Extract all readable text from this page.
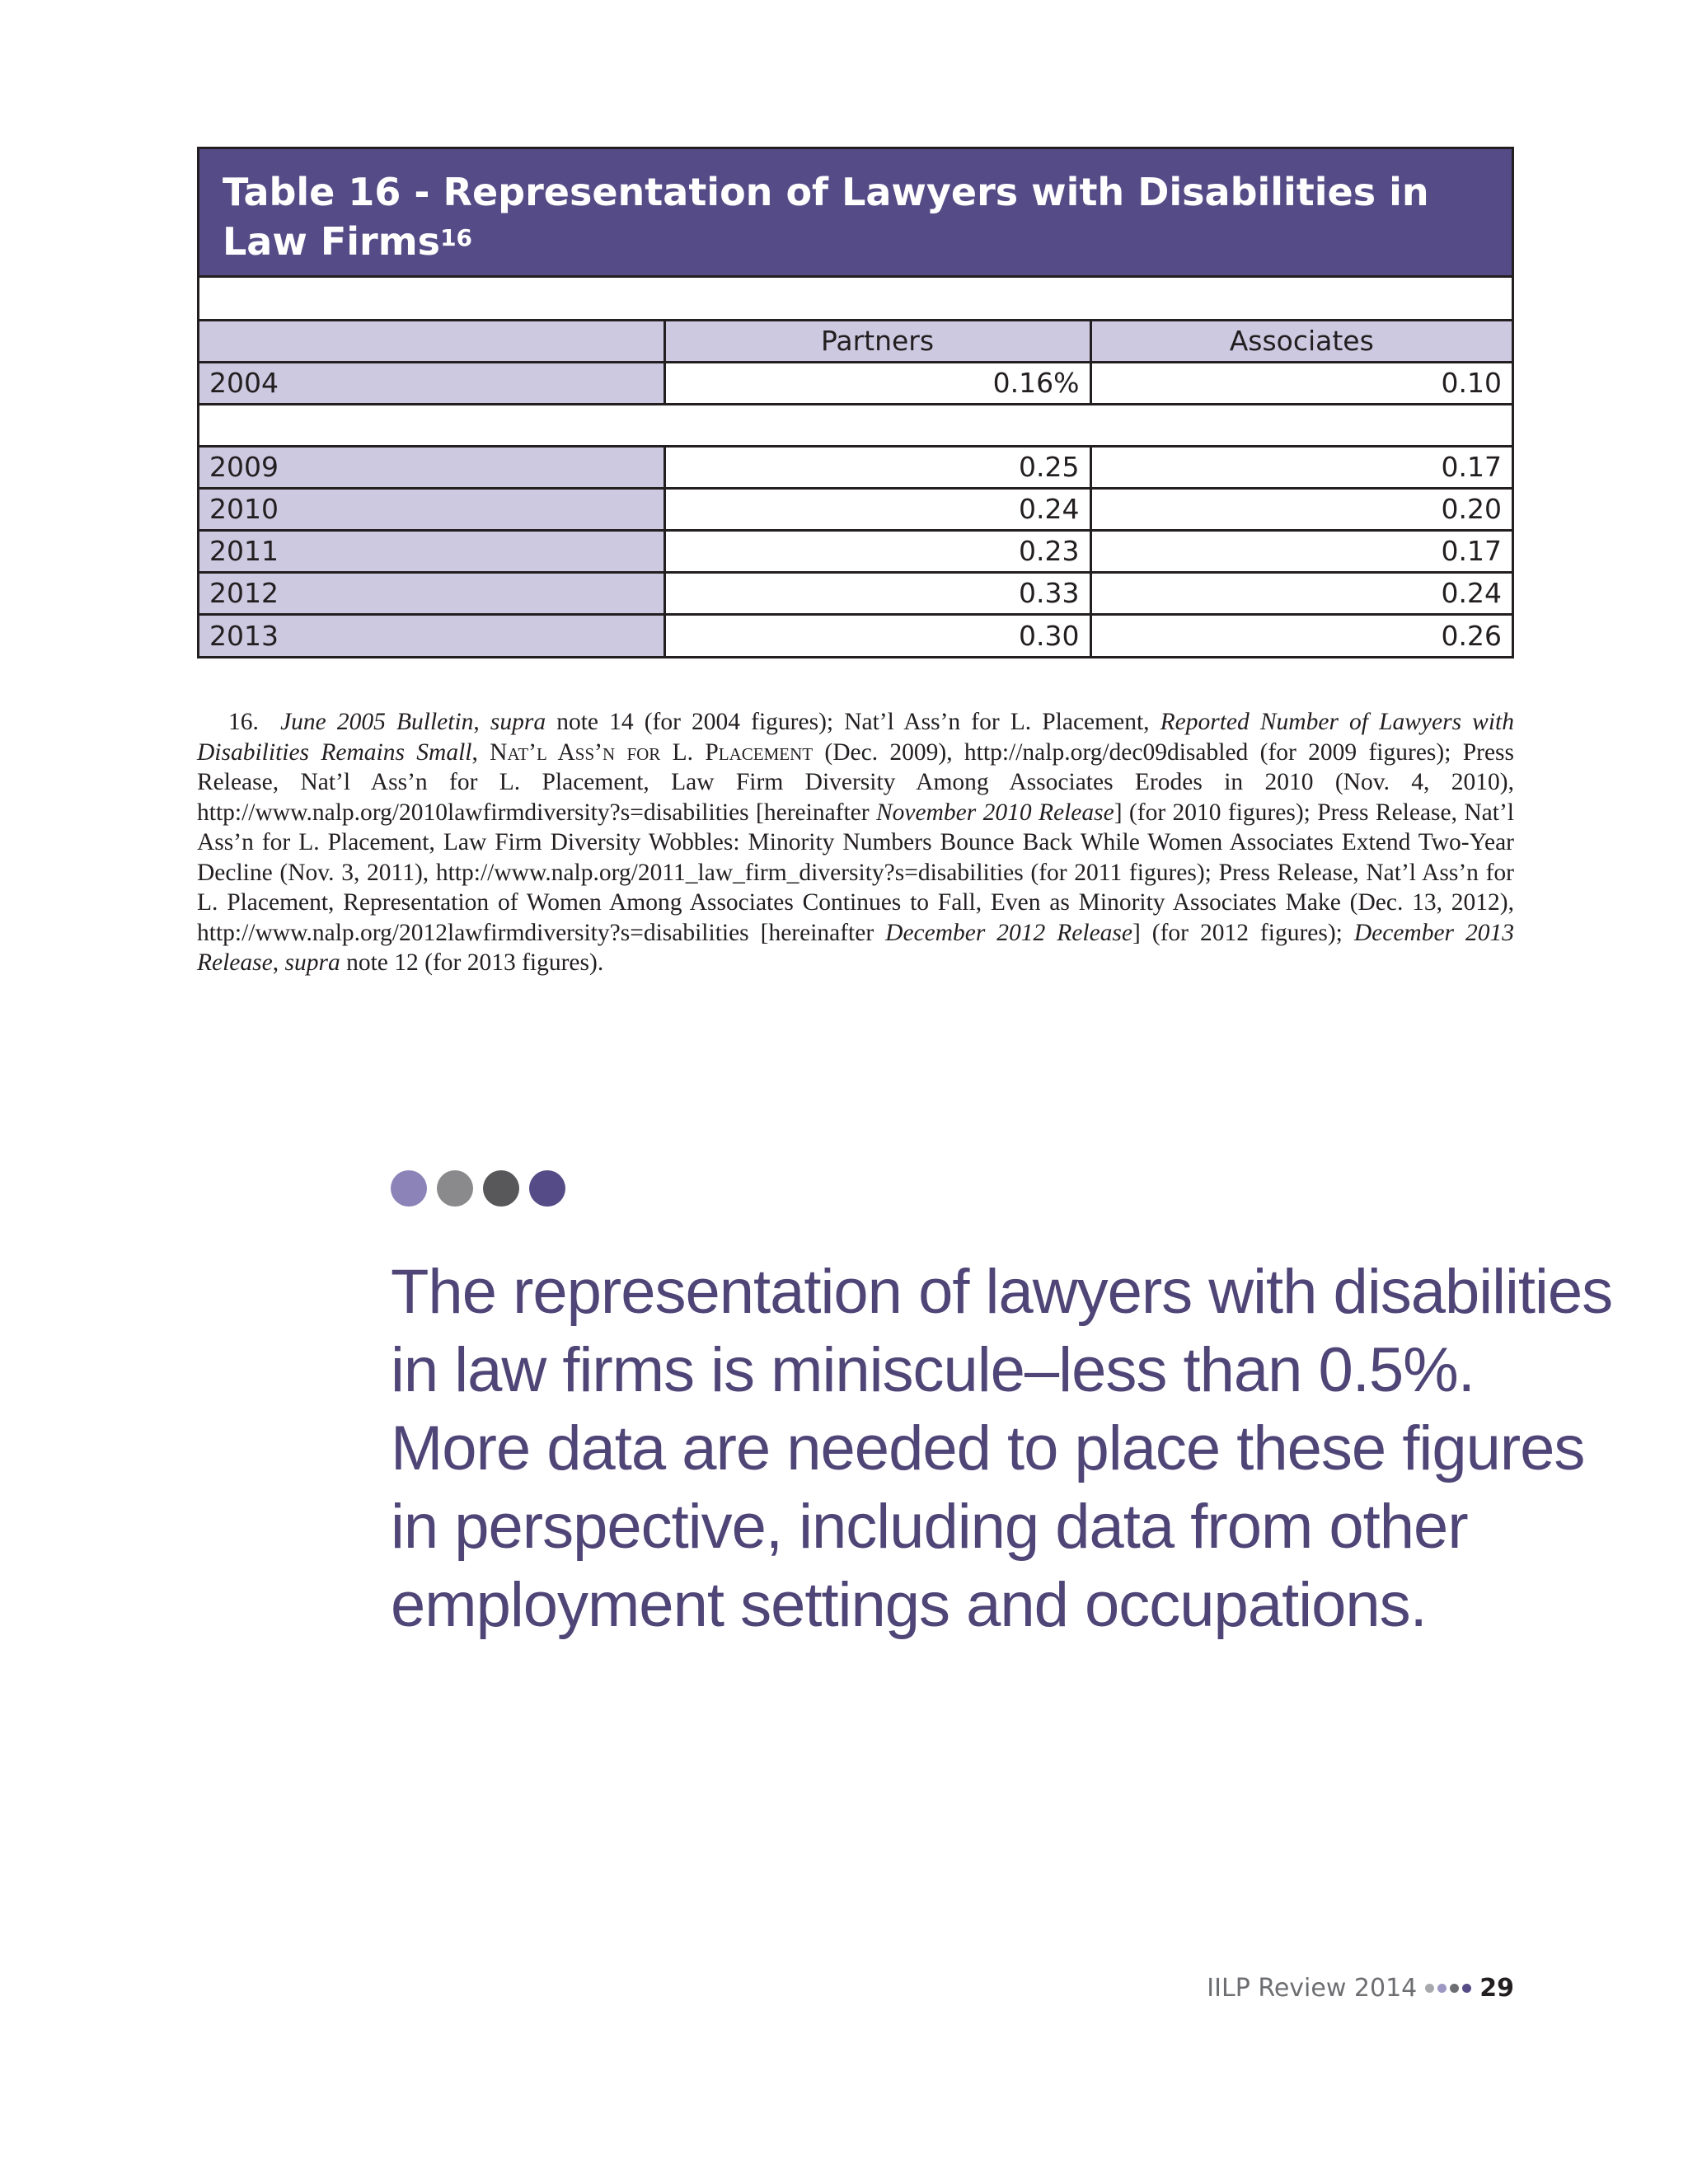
Table 16 - Representation of Lawyers with Disabilities in Law Firms$^{16}$

	Partners	Associates
2004	0.16%	0.10

2009	0.25	0.17
2010	0.24	0.20
2011	0.23	0.17
2012	0.33	0.24
2013	0.30	0.26
16. June 2005 Bulletin, supra note 14 (for 2004 figures); Nat’l Ass’n for L. Placement, Reported Number of Lawyers with Disabilities Remains Small, Nat’l Ass’n for L. Placement (Dec. 2009), http://nalp.org/dec09disabled (for 2009 figures); Press Release, Nat’l Ass’n for L. Placement, Law Firm Diversity Among Associates Erodes in 2010 (Nov. 4, 2010), http://www.nalp.org/2010lawfirmdiversity?s=disabilities [hereinafter November 2010 Release] (for 2010 figures); Press Release, Nat’l Ass’n for L. Placement, Law Firm Diversity Wobbles: Minority Numbers Bounce Back While Women Associates Extend Two-Year Decline (Nov. 3, 2011), http://www.nalp.org/2011_law_firm_diversity?s=disabilities (for 2011 figures); Press Release, Nat’l Ass’n for L. Placement, Representation of Women Among Associates Continues to Fall, Even as Minority Associates Make (Dec. 13, 2012), http://www.nalp.org/2012lawfirmdiversity?s=disabilities [hereinafter December 2012 Release] (for 2012 figures); December 2013 Release, supra note 12 (for 2013 figures).
The representation of lawyers with disabilities
in law firms is miniscule–less than 0.5%.
More data are needed to place these figures
in perspective, including data from other
employment settings and occupations.
IILP Review 2014	29
